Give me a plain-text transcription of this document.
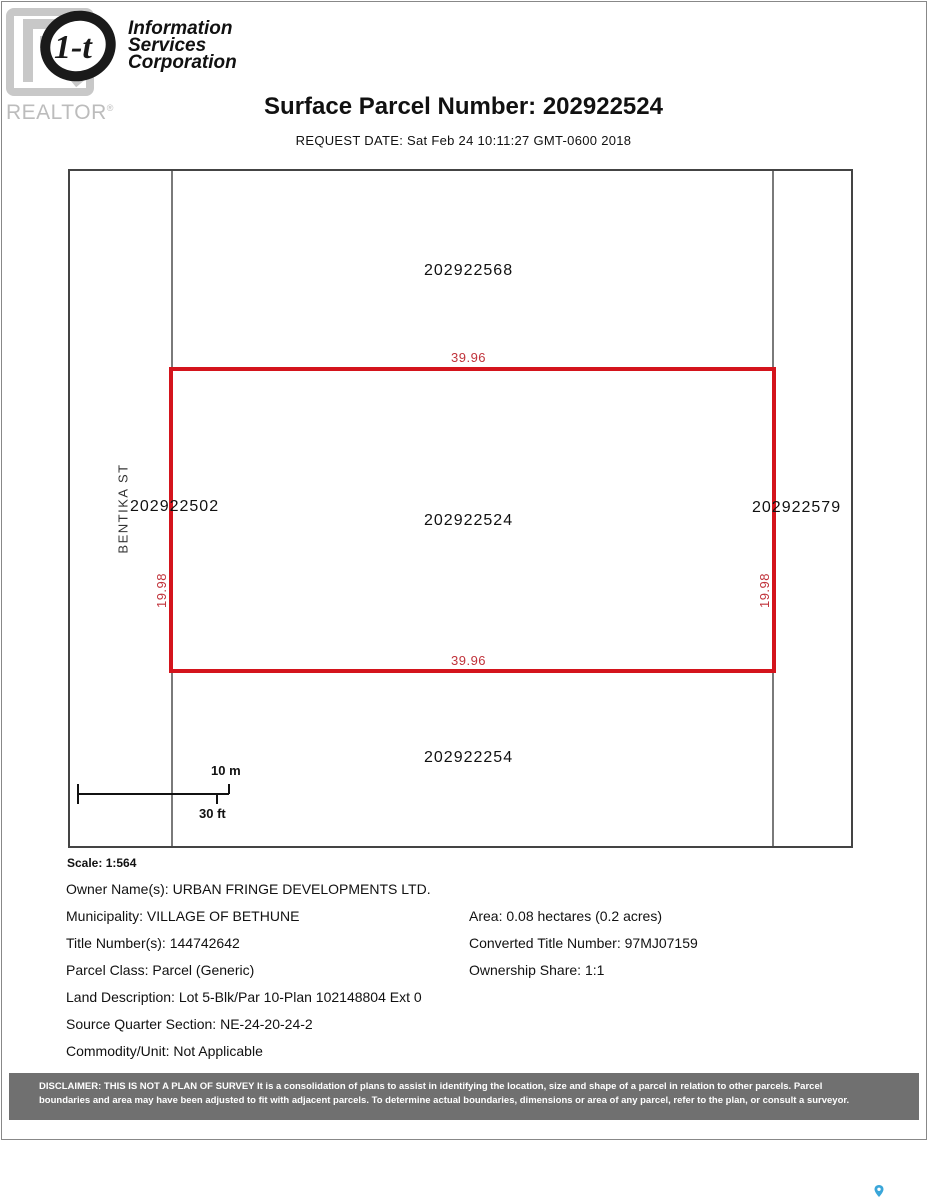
REALTOR®
1-t
Information
Services
Corporation
Surface Parcel Number: 202922524
REQUEST DATE: Sat Feb 24 10:11:27 GMT-0600 2018
202922568
202922502
202922524
202922579
202922254
39.96
39.96
19.98	19.98
BENTIKA ST
10 m
30 ft
Scale: 1:564
Owner Name(s): URBAN FRINGE DEVELOPMENTS LTD.
Municipality: VILLAGE OF BETHUNE	Area: 0.08 hectares (0.2 acres)
Title Number(s): 144742642	Converted Title Number: 97MJ07159
Parcel Class: Parcel (Generic)	Ownership Share: 1:1
Land Description: Lot 5-Blk/Par 10-Plan 102148804 Ext 0
Source Quarter Section: NE-24-20-24-2
Commodity/Unit: Not Applicable
DISCLAIMER: THIS IS NOT A PLAN OF SURVEY It is a consolidation of plans to assist in identifying the location, size and shape of a parcel in relation to other parcels. Parcel
boundaries and area may have been adjusted to fit with adjacent parcels. To determine actual boundaries, dimensions or area of any parcel, refer to the plan, or consult a surveyor.
